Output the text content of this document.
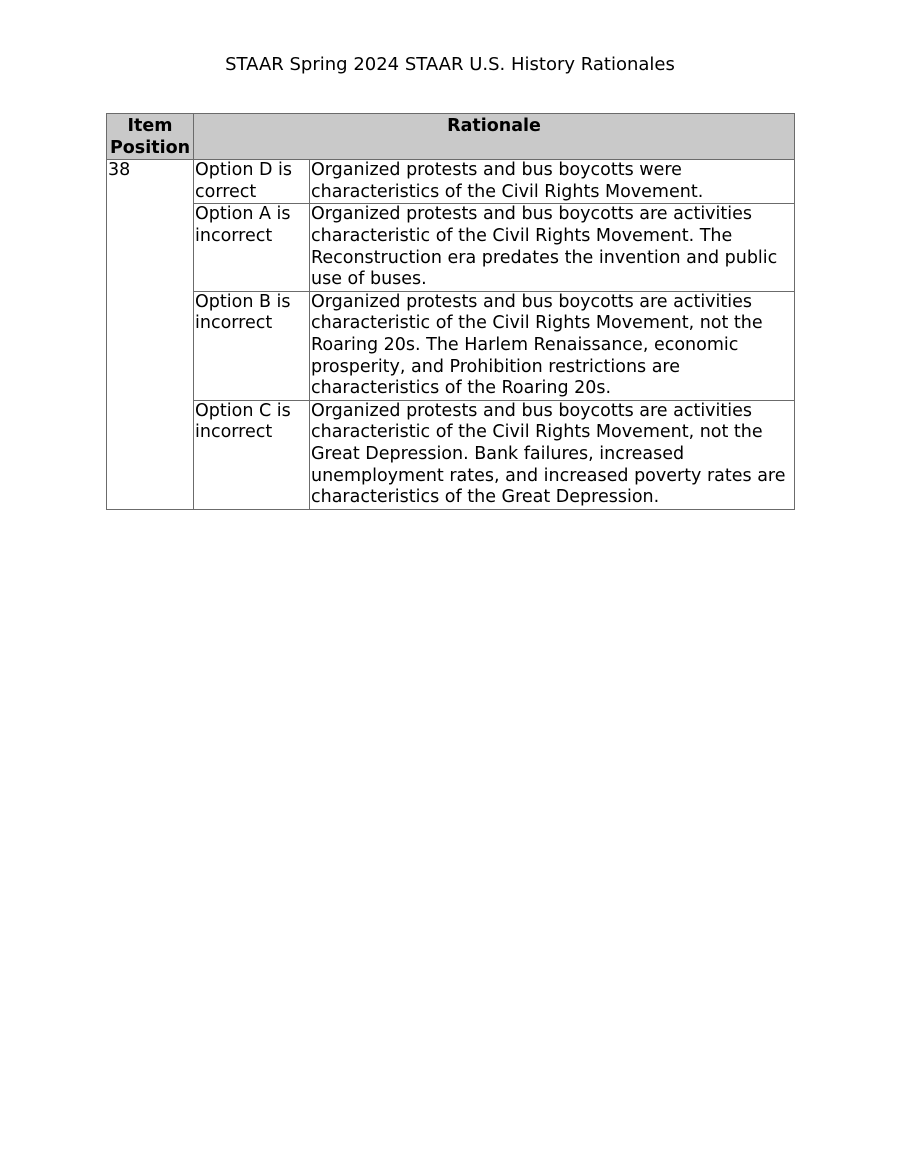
STAAR Spring 2024 STAAR U.S. History Rationales
Item Position	Rationale	
38	Option D is correct	Organized protests and bus boycotts were characteristics of the Civil Rights Movement.
	Option A is incorrect	Organized protests and bus boycotts are activities characteristic of the Civil Rights Movement. The Reconstruction era predates the invention and public use of buses.
	Option B is incorrect	Organized protests and bus boycotts are activities characteristic of the Civil Rights Movement, not the Roaring 20s. The Harlem Renaissance, economic prosperity, and Prohibition restrictions are characteristics of the Roaring 20s.
	Option C is incorrect	Organized protests and bus boycotts are activities characteristic of the Civil Rights Movement, not the Great Depression. Bank failures, increased unemployment rates, and increased poverty rates are characteristics of the Great Depression.
